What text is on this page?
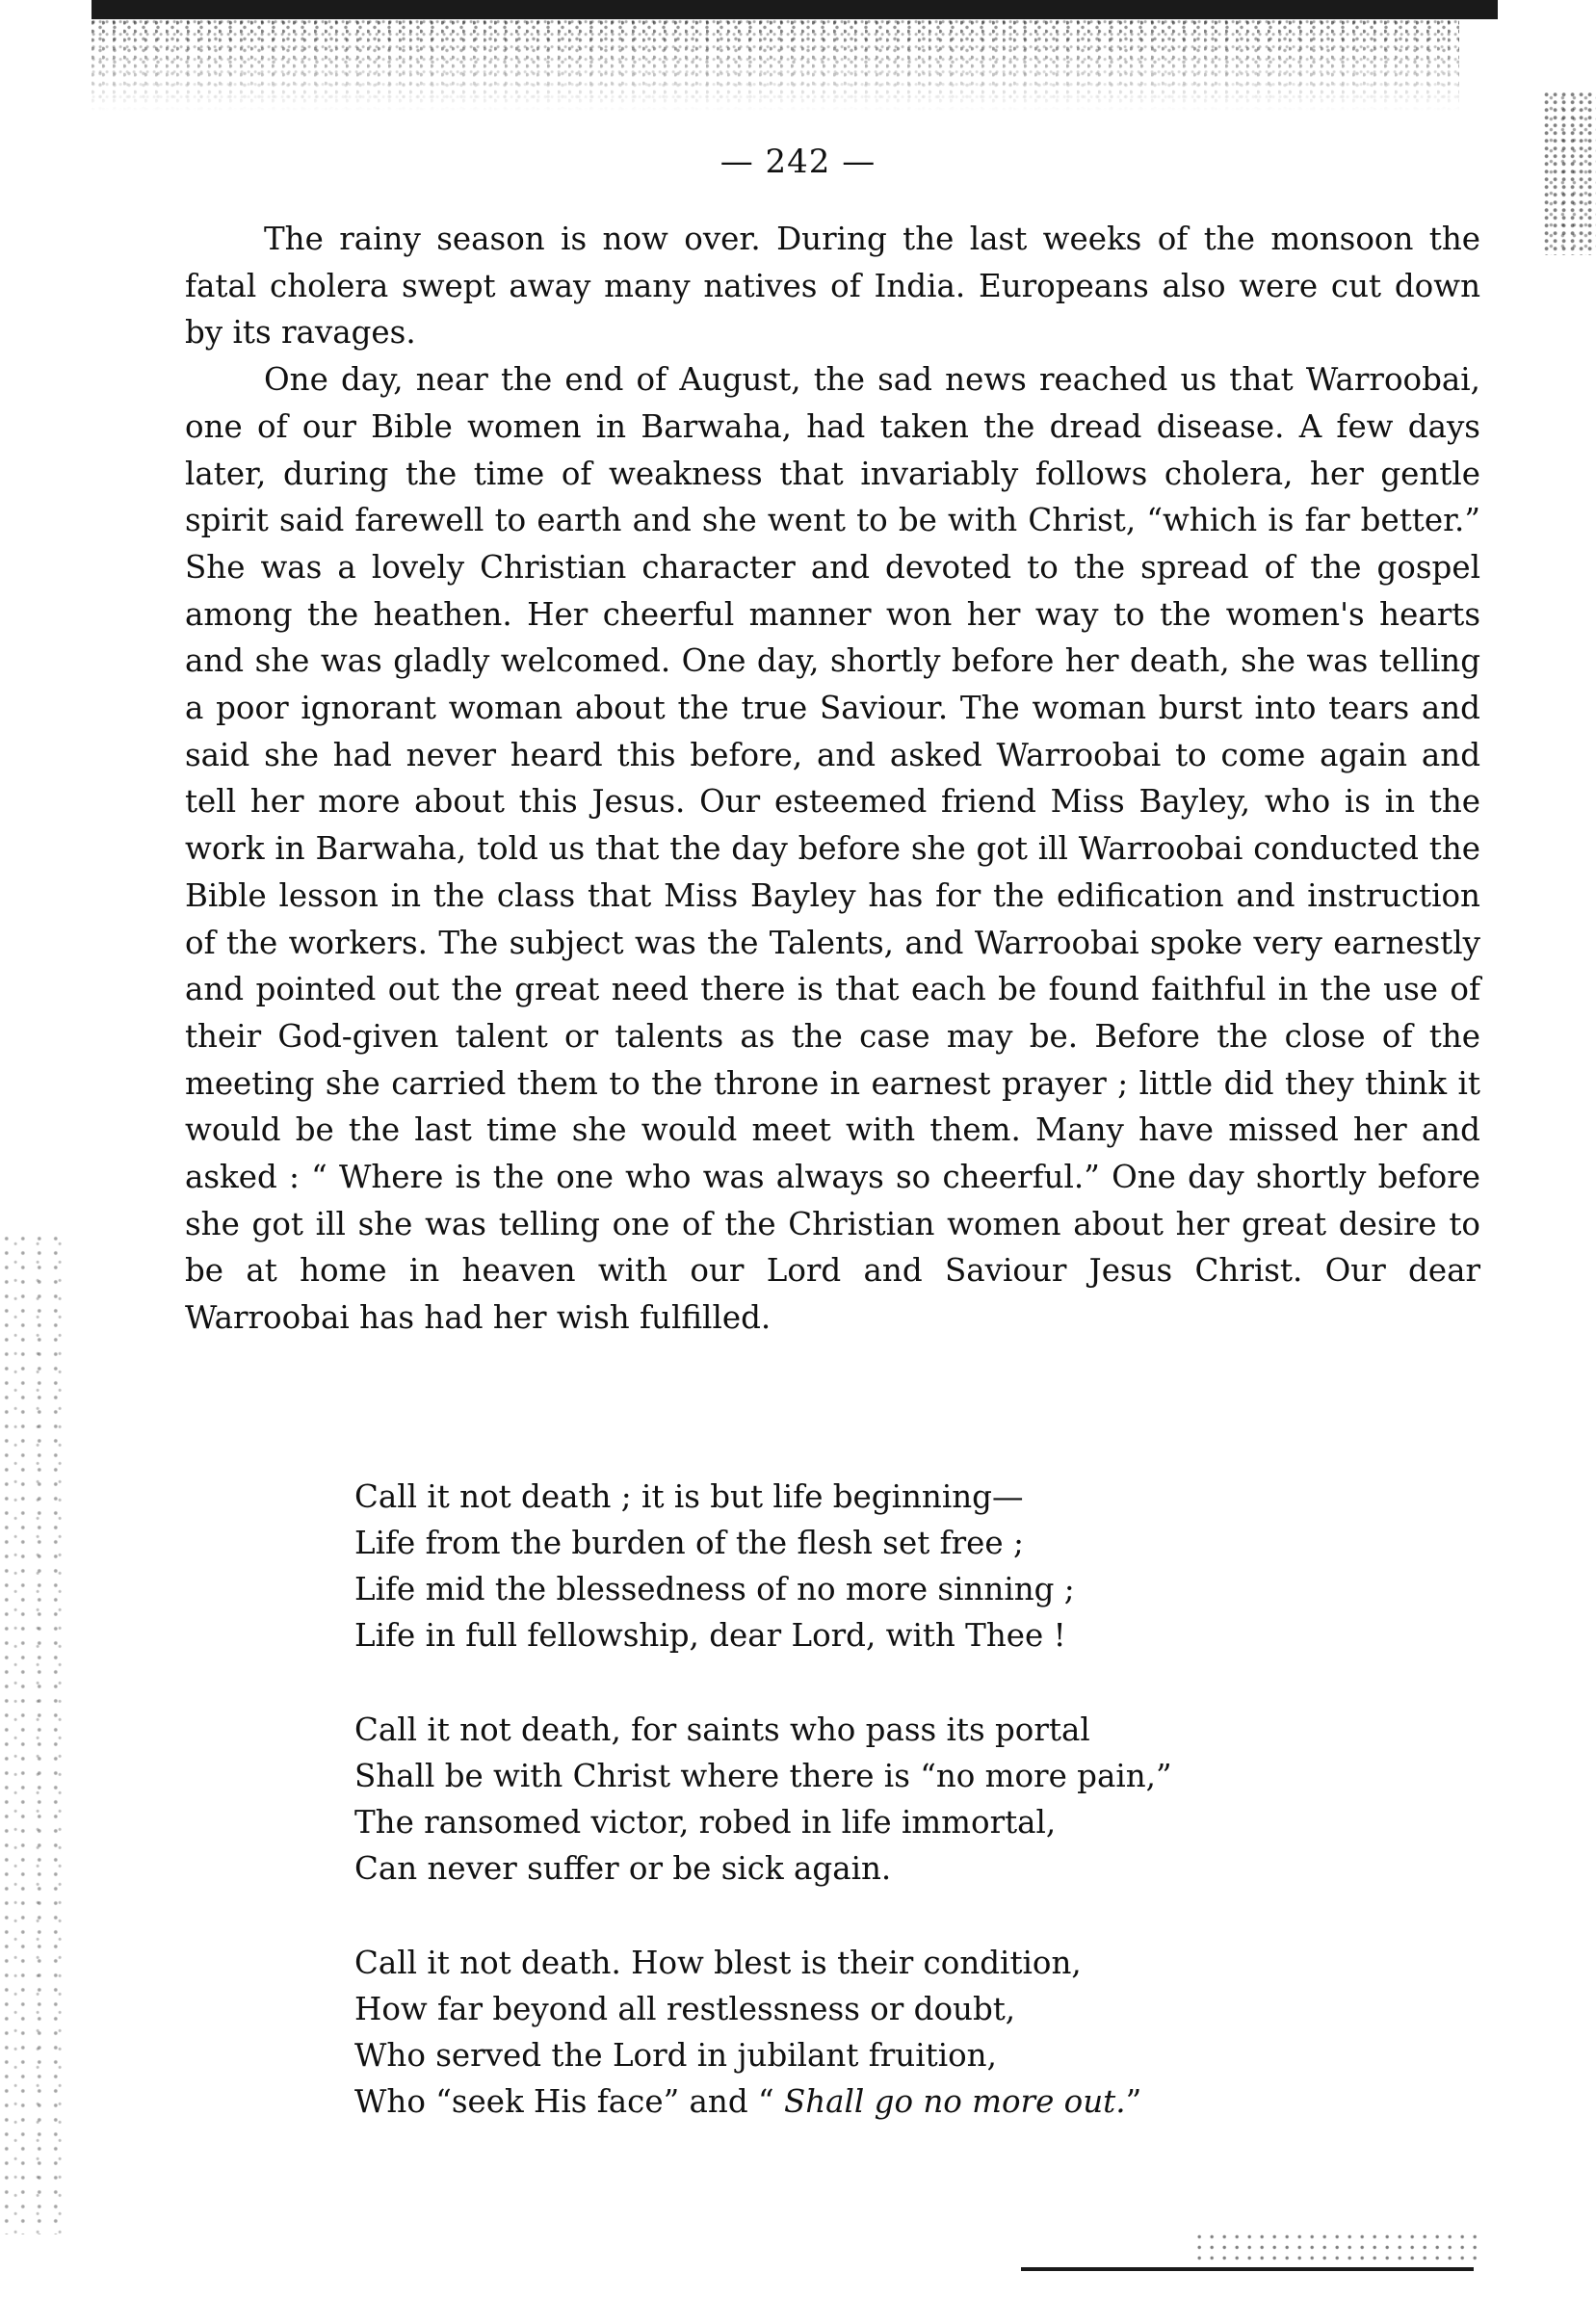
— 242 —

The rainy season is now over. During the last weeks of the monsoon the fatal cholera swept away many natives of India. Europeans also were cut down by its ravages.

One day, near the end of August, the sad news reached us that Warroobai, one of our Bible women in Barwaha, had taken the dread disease. A few days later, during the time of weakness that invariably follows cholera, her gentle spirit said farewell to earth and she went to be with Christ, “which is far better.” She was a lovely Christian character and devoted to the spread of the gospel among the heathen. Her cheerful manner won her way to the women's hearts and she was gladly welcomed. One day, shortly before her death, she was telling a poor ignorant woman about the true Saviour. The woman burst into tears and said she had never heard this before, and asked Warroobai to come again and tell her more about this Jesus. Our esteemed friend Miss Bayley, who is in the work in Barwaha, told us that the day before she got ill Warroobai conducted the Bible lesson in the class that Miss Bayley has for the edification and instruction of the workers. The subject was the Talents, and Warroobai spoke very earnestly and pointed out the great need there is that each be found faithful in the use of their God-given talent or talents as the case may be. Before the close of the meeting she carried them to the throne in earnest prayer ; little did they think it would be the last time she would meet with them. Many have missed her and asked : “ Where is the one who was always so cheerful.” One day shortly before she got ill she was telling one of the Christian women about her great desire to be at home in heaven with our Lord and Saviour Jesus Christ. Our dear Warroobai has had her wish fulfilled.

Call it not death ; it is but life beginning—
Life from the burden of the flesh set free ;
Life mid the blessedness of no more sinning ;
Life in full fellowship, dear Lord, with Thee !
Call it not death, for saints who pass its portal
Shall be with Christ where there is “no more pain,”
The ransomed victor, robed in life immortal,
Can never suffer or be sick again.
Call it not death. How blest is their condition,
How far beyond all restlessness or doubt,
Who served the Lord in jubilant fruition,
Who “seek His face” and “ Shall go no more out.”
